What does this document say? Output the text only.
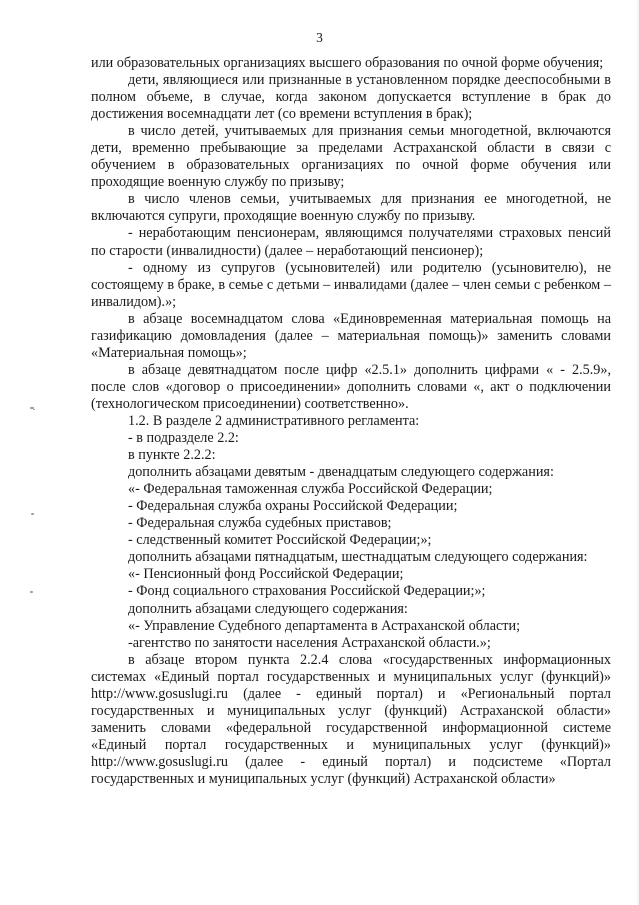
3

или образовательных организациях высшего образования по очной форме обучения;

дети, являющиеся или признанные в установленном порядке дееспособными в полном объеме, в случае, когда законом допускается вступление в брак до достижения восемнадцати лет (со времени вступления в брак);

в число детей, учитываемых для признания семьи многодетной, включаются дети, временно пребывающие за пределами Астраханской области в связи с обучением в образовательных организациях по очной форме обучения или проходящие военную службу по призыву;

в число членов семьи, учитываемых для признания ее многодетной, не включаются супруги, проходящие военную службу по призыву.

- неработающим пенсионерам, являющимся получателями страховых пенсий по старости (инвалидности) (далее – неработающий пенсионер);

- одному из супругов (усыновителей) или родителю (усыновителю), не состоящему в браке, в семье с детьми – инвалидами (далее – член семьи с ребенком – инвалидом).»;

в абзаце восемнадцатом слова «Единовременная материальная помощь на газификацию домовладения (далее – материальная помощь)» заменить словами «Материальная помощь»;

в абзаце девятнадцатом после цифр «2.5.1» дополнить цифрами « - 2.5.9», после слов «договор о присоединении» дополнить словами «, акт о подключении (технологическом присоединении) соответственно».

1.2. В разделе 2 административного регламента:

- в подразделе 2.2:

в пункте 2.2.2:

дополнить абзацами девятым - двенадцатым следующего содержания:

«- Федеральная таможенная служба Российской Федерации;

- Федеральная служба охраны Российской Федерации;

- Федеральная служба судебных приставов;

- следственный комитет Российской Федерации;»;

дополнить абзацами пятнадцатым, шестнадцатым следующего содержания:

«- Пенсионный фонд Российской Федерации;

- Фонд социального страхования Российской Федерации;»;

дополнить абзацами следующего содержания:

«- Управление Судебного департамента в Астраханской области;

-агентство по занятости населения Астраханской области.»;

в абзаце втором пункта 2.2.4 слова «государственных информационных системах «Единый портал государственных и муниципальных услуг (функций)» http://www.gosuslugi.ru (далее - единый портал) и «Региональный портал государственных и муниципальных услуг (функций) Астраханской области» заменить словами «федеральной государственной информационной системе «Единый портал государственных и муниципальных услуг (функций)» http://www.gosuslugi.ru (далее - единый портал) и подсистеме «Портал государственных и муниципальных услуг (функций) Астраханской области»
